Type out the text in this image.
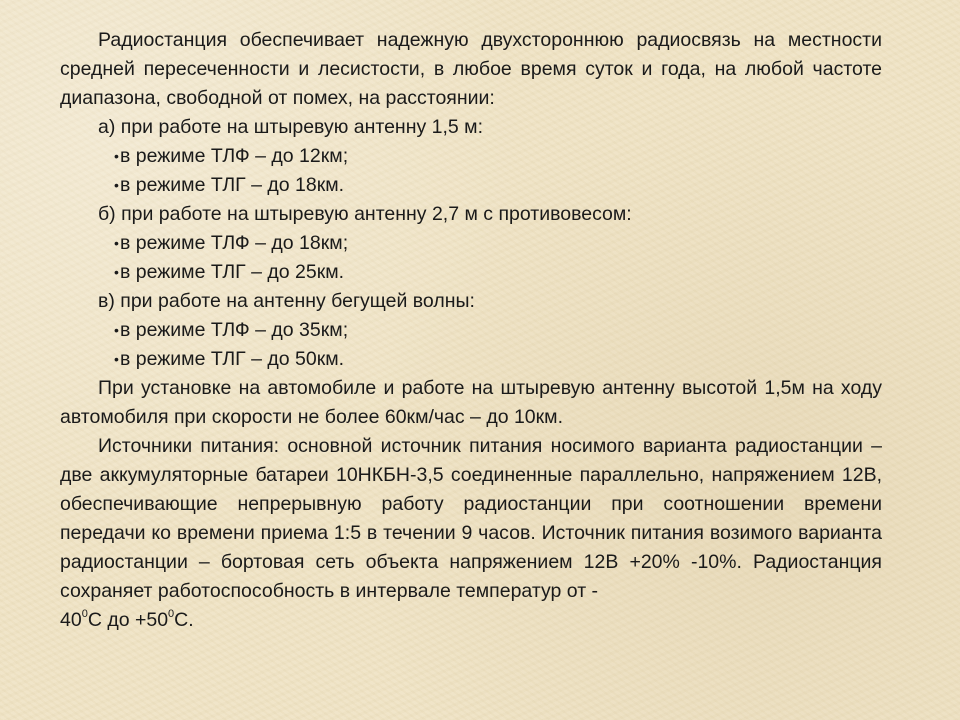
Радиостанция обеспечивает надежную двухстороннюю радиосвязь на местности средней пересеченности и лесистости, в любое время суток и года, на любой частоте диапазона, свободной от помех, на расстоянии:

а) при работе на штыревую антенну 1,5 м:

• в режиме ТЛФ – до 12км;

• в режиме ТЛГ – до 18км.

б) при работе на штыревую антенну 2,7 м с противовесом:

• в режиме ТЛФ – до 18км;

• в режиме ТЛГ – до 25км.

в) при работе на антенну бегущей волны:

• в режиме ТЛФ – до 35км;

• в режиме ТЛГ – до 50км.

При установке на автомобиле и работе на штыревую антенну высотой 1,5м на ходу автомобиля при скорости не более 60км/час – до 10км.

Источники питания: основной источник питания носимого варианта радиостанции – две аккумуляторные батареи 10НКБН-3,5 соединенные параллельно, напряжением 12В, обеспечивающие непрерывную работу радиостанции при соотношении времени передачи ко времени приема 1:5 в течении 9 часов. Источник питания возимого варианта радиостанции – бортовая сеть объекта напряжением 12В +20% -10%. Радиостанция сохраняет работоспособность в интервале температур от -
$40^0С$ до $+50^0С$.
